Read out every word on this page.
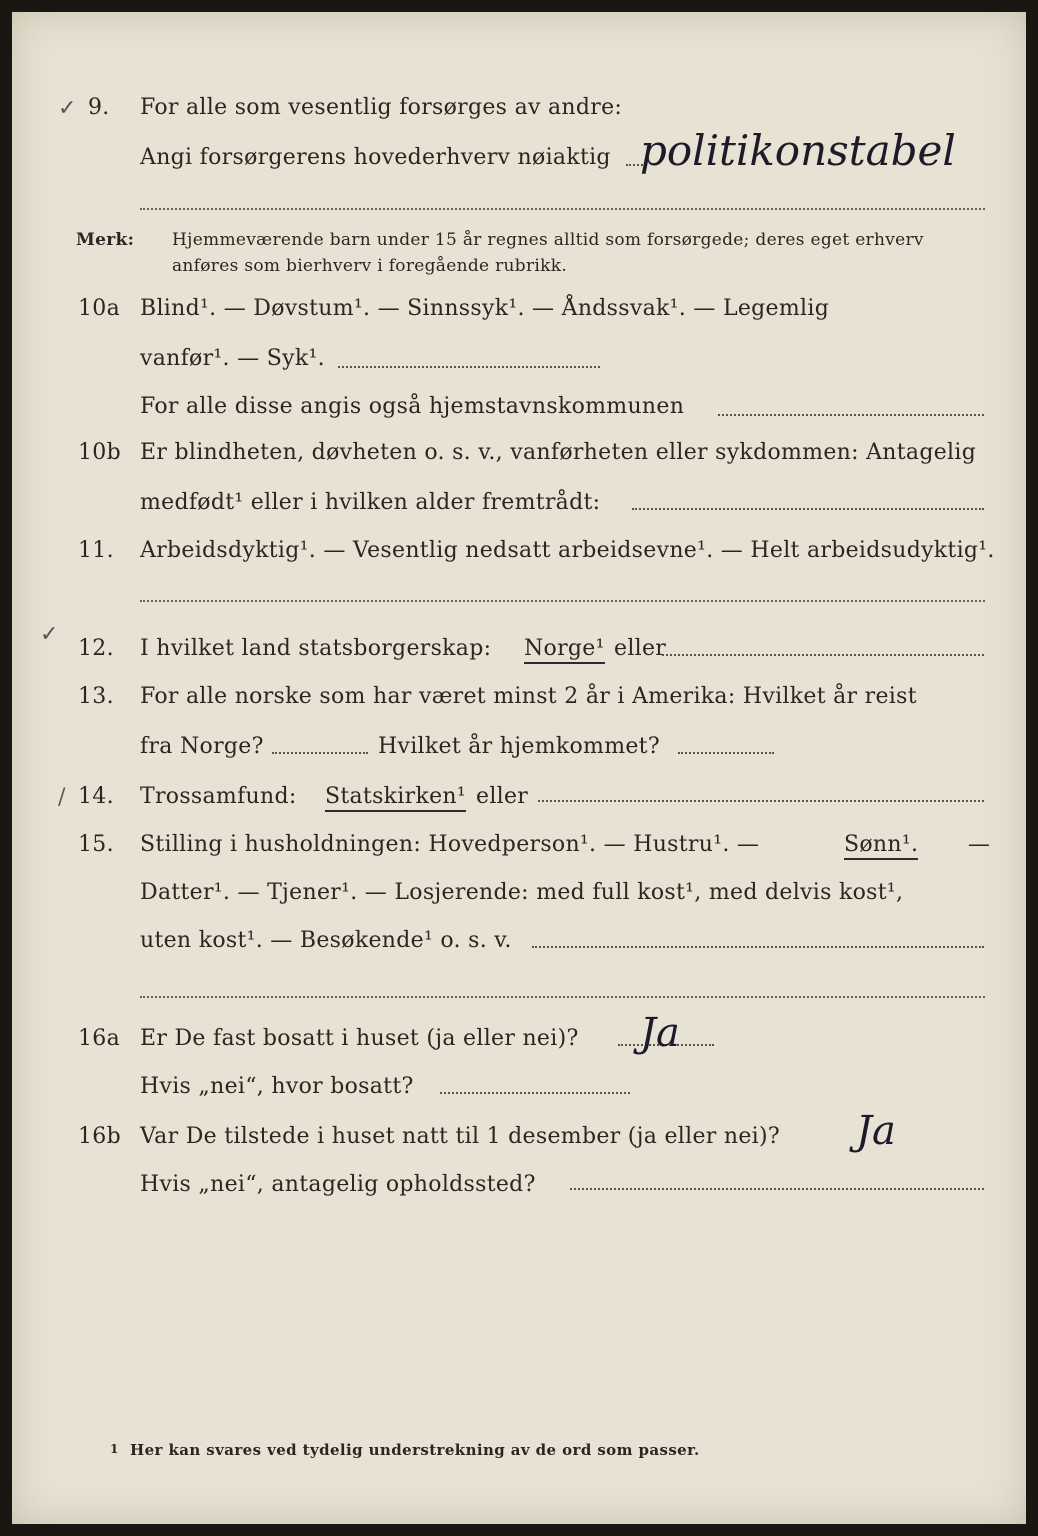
✓ 9. For alle som vesentlig forsørges av andre:
Angi forsørgerens hovederhverv nøiaktig politikonstabel
Merk: Hjemmeværende barn under 15 år regnes alltid som forsørgede; deres eget erhverv
anføres som bierhverv i foregående rubrikk.
10a Blind¹. — Døvstum¹. — Sinnssyk¹. — Åndssvak¹. — Legemlig
vanfør¹. — Syk¹.
For alle disse angis også hjemstavnskommunen
10b Er blindheten, døvheten o. s. v., vanførheten eller sykdommen: Antagelig
medfødt¹ eller i hvilken alder fremtrådt:
11. Arbeidsdyktig¹. — Vesentlig nedsatt arbeidsevne¹. — Helt arbeidsudyktig¹.
✓
12. I hvilket land statsborgerskap: Norge¹ eller
13. For alle norske som har været minst 2 år i Amerika: Hvilket år reist
fra Norge?	Hvilket år hjemkommet?
/ 14. Trossamfund: Statskirken¹ eller
15. Stilling i husholdningen: Hovedperson¹. — Hustru¹. —	Sønn¹. —
Datter¹. — Tjener¹. — Losjerende: med full kost¹, med delvis kost¹,
uten kost¹. — Besøkende¹ o. s. v.
16a Er De fast bosatt i huset (ja eller nei)? Ja
Hvis „nei“, hvor bosatt?
16b Var De tilstede i huset natt til 1 desember (ja eller nei)? Ja
Hvis „nei“, antagelig opholdssted?
1 Her kan svares ved tydelig understrekning av de ord som passer.
